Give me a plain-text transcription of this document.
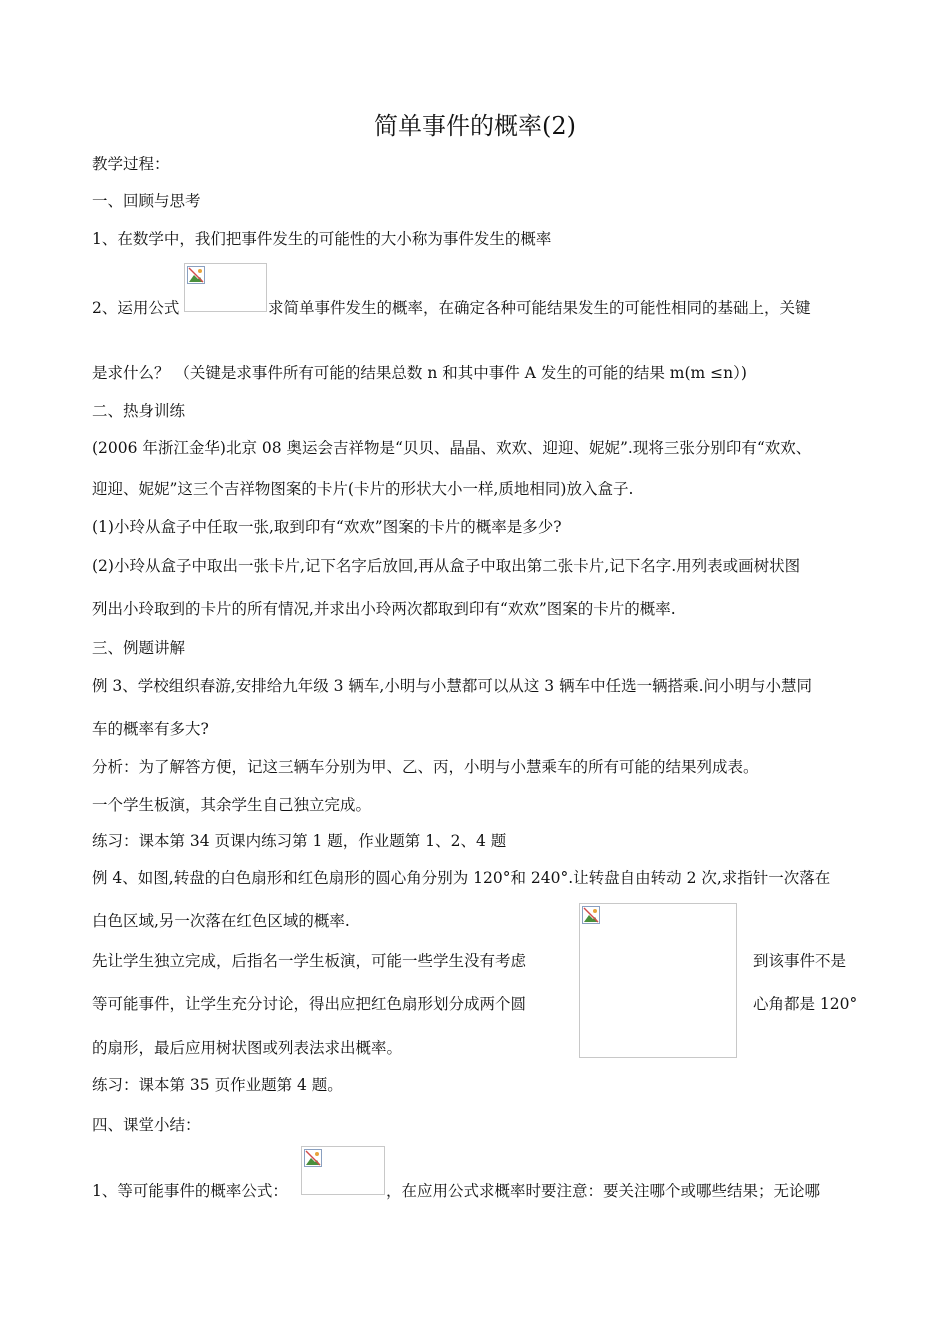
简单事件的概率(2)
教学过程：
一、回顾与思考
1、在数学中，我们把事件发生的可能性的大小称为事件发生的概率
2、运用公式	求简单事件发生的概率，在确定各种可能结果发生的可能性相同的基础上，关键
是求什么？ （关键是求事件所有可能的结果总数 n 和其中事件 A 发生的可能的结果 m(m ≤n）)
二、热身训练
(2006 年浙江金华)北京 08 奥运会吉祥物是“贝贝、晶晶、欢欢、迎迎、妮妮”.现将三张分别印有“欢欢、
迎迎、妮妮”这三个吉祥物图案的卡片(卡片的形状大小一样,质地相同)放入盒子.
(1)小玲从盒子中任取一张,取到印有“欢欢”图案的卡片的概率是多少?
(2)小玲从盒子中取出一张卡片,记下名字后放回,再从盒子中取出第二张卡片,记下名字.用列表或画树状图
列出小玲取到的卡片的所有情况,并求出小玲两次都取到印有“欢欢”图案的卡片的概率.
三、例题讲解
例 3、学校组织春游,安排给九年级 3 辆车,小明与小慧都可以从这 3 辆车中任选一辆搭乘.问小明与小慧同
车的概率有多大?
分析：为了解答方便，记这三辆车分别为甲、乙、丙，小明与小慧乘车的所有可能的结果列成表。
一个学生板演，其余学生自己独立完成。
练习：课本第 34 页课内练习第 1 题，作业题第 1、2、4 题
例 4、如图,转盘的白色扇形和红色扇形的圆心角分别为 120°和 240°.让转盘自由转动 2 次,求指针一次落在
白色区域,另一次落在红色区域的概率.
先让学生独立完成，后指名一学生板演，可能一些学生没有考虑	到该事件不是
等可能事件，让学生充分讨论，得出应把红色扇形划分成两个圆	心角都是 120°
的扇形，最后应用树状图或列表法求出概率。
练习：课本第 35 页作业题第 4 题。
四、课堂小结：
1、等可能事件的概率公式：	，在应用公式求概率时要注意：要关注哪个或哪些结果；无论哪
